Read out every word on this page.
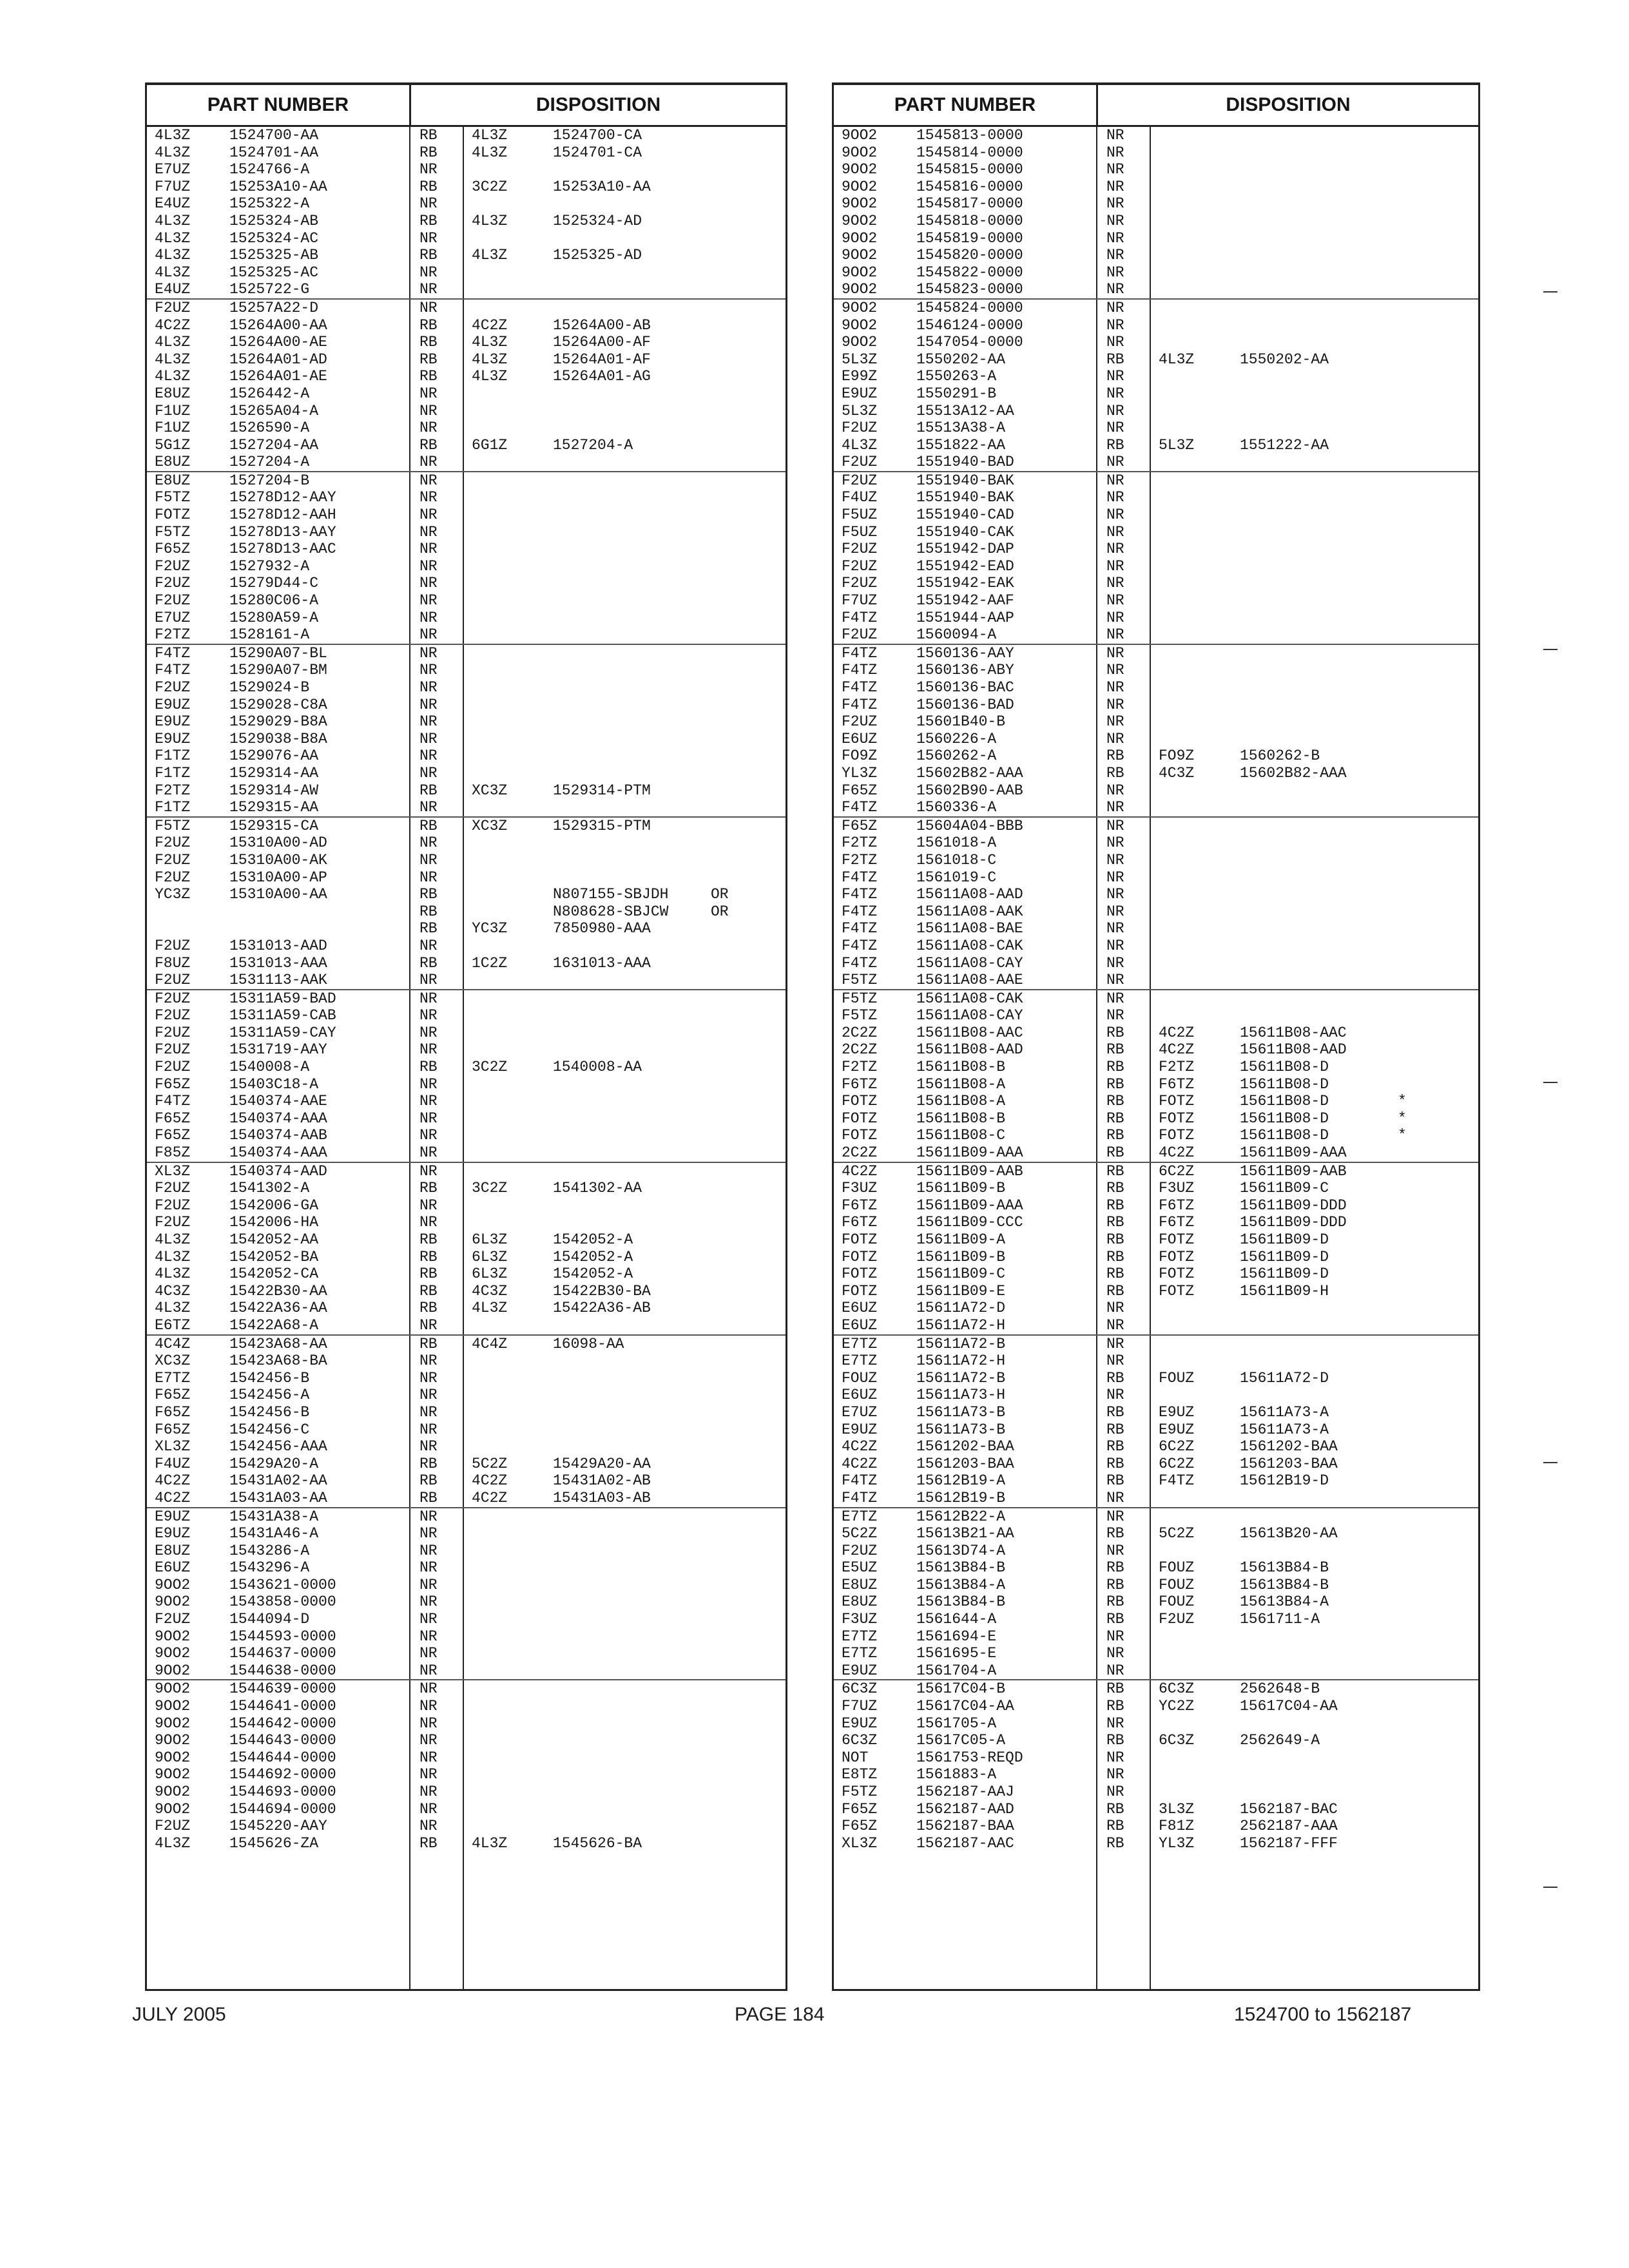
PART NUMBER	DISPOSITION
4L3Z	1524700-AA	RB 4L3Z	1524700-CA
4L3Z	1524701-AA	RB 4L3Z	1524701-CA
E7UZ	1524766-A	NR
F7UZ	15253A10-AA	RB 3C2Z	15253A10-AA
E4UZ	1525322-A	NR
4L3Z	1525324-AB	RB 4L3Z	1525324-AD
4L3Z	1525324-AC	NR
4L3Z	1525325-AB	RB 4L3Z	1525325-AD
4L3Z	1525325-AC	NR
E4UZ	1525722-G	NR
F2UZ	15257A22-D	NR
4C2Z	15264A00-AA	RB 4C2Z	15264A00-AB
4L3Z	15264A00-AE	RB 4L3Z	15264A00-AF
4L3Z	15264A01-AD	RB 4L3Z	15264A01-AF
4L3Z	15264A01-AE	RB 4L3Z	15264A01-AG
E8UZ	1526442-A	NR
F1UZ	15265A04-A	NR
F1UZ	1526590-A	NR
5G1Z	1527204-AA	RB 6G1Z	1527204-A
E8UZ	1527204-A	NR
E8UZ	1527204-B	NR
F5TZ	15278D12-AAY	NR
FOTZ	15278D12-AAH	NR
F5TZ	15278D13-AAY	NR
F65Z	15278D13-AAC	NR
F2UZ	1527932-A	NR
F2UZ	15279D44-C	NR
F2UZ	15280C06-A	NR
E7UZ	15280A59-A	NR
F2TZ	1528161-A	NR
F4TZ	15290A07-BL	NR
F4TZ	15290A07-BM	NR
F2UZ	1529024-B	NR
E9UZ	1529028-C8A	NR
E9UZ	1529029-B8A	NR
E9UZ	1529038-B8A	NR
F1TZ	1529076-AA	NR
F1TZ	1529314-AA	NR
F2TZ	1529314-AW	RB XC3Z	1529314-PTM
F1TZ	1529315-AA	NR
F5TZ	1529315-CA	RB XC3Z	1529315-PTM
F2UZ	15310A00-AD	NR
F2UZ	15310A00-AK	NR
F2UZ	15310A00-AP	NR
YC3Z	15310A00-AA	RB	N807155-SBJDH	OR
RB	N808628-SBJCW	OR
RB YC3Z	7850980-AAA
F2UZ	1531013-AAD	NR
F8UZ	1531013-AAA	RB 1C2Z	1631013-AAA
F2UZ	1531113-AAK	NR
F2UZ	15311A59-BAD	NR
F2UZ	15311A59-CAB	NR
F2UZ	15311A59-CAY	NR
F2UZ	1531719-AAY	NR
F2UZ	1540008-A	RB 3C2Z	1540008-AA
F65Z	15403C18-A	NR
F4TZ	1540374-AAE	NR
F65Z	1540374-AAA	NR
F65Z	1540374-AAB	NR
F85Z	1540374-AAA	NR
XL3Z	1540374-AAD	NR
F2UZ	1541302-A	RB 3C2Z	1541302-AA
F2UZ	1542006-GA	NR
F2UZ	1542006-HA	NR
4L3Z	1542052-AA	RB 6L3Z	1542052-A
4L3Z	1542052-BA	RB 6L3Z	1542052-A
4L3Z	1542052-CA	RB 6L3Z	1542052-A
4C3Z	15422B30-AA	RB 4C3Z	15422B30-BA
4L3Z	15422A36-AA	RB 4L3Z	15422A36-AB
E6TZ	15422A68-A	NR
4C4Z	15423A68-AA	RB 4C4Z	16098-AA
XC3Z	15423A68-BA	NR
E7TZ	1542456-B	NR
F65Z	1542456-A	NR
F65Z	1542456-B	NR
F65Z	1542456-C	NR
XL3Z	1542456-AAA	NR
F4UZ	15429A20-A	RB 5C2Z	15429A20-AA
4C2Z	15431A02-AA	RB 4C2Z	15431A02-AB
4C2Z	15431A03-AA	RB 4C2Z	15431A03-AB
E9UZ	15431A38-A	NR
E9UZ	15431A46-A	NR
E8UZ	1543286-A	NR
E6UZ	1543296-A	NR
9OO2	1543621-0000	NR
9OO2	1543858-0000	NR
F2UZ	1544094-D	NR
9OO2	1544593-0000	NR
9OO2	1544637-0000	NR
9OO2	1544638-0000	NR
9OO2	1544639-0000	NR
9OO2	1544641-0000	NR
9OO2	1544642-0000	NR
9OO2	1544643-0000	NR
9OO2	1544644-0000	NR
9OO2	1544692-0000	NR
9OO2	1544693-0000	NR
9OO2	1544694-0000	NR
F2UZ	1545220-AAY	NR
4L3Z	1545626-ZA	RB 4L3Z	1545626-BA
PART NUMBER	DISPOSITION
9OO2	1545813-0000	NR
9OO2	1545814-0000	NR
9OO2	1545815-0000	NR
9OO2	1545816-0000	NR
9OO2	1545817-0000	NR
9OO2	1545818-0000	NR
9OO2	1545819-0000	NR
9OO2	1545820-0000	NR
9OO2	1545822-0000	NR
9OO2	1545823-0000	NR
9OO2	1545824-0000	NR
9OO2	1546124-0000	NR
9OO2	1547054-0000	NR
5L3Z	1550202-AA	RB 4L3Z	1550202-AA
E99Z	1550263-A	NR
E9UZ	1550291-B	NR
5L3Z	15513A12-AA	NR
F2UZ	15513A38-A	NR
4L3Z	1551822-AA	RB 5L3Z	1551222-AA
F2UZ	1551940-BAD	NR
F2UZ	1551940-BAK	NR
F4UZ	1551940-BAK	NR
F5UZ	1551940-CAD	NR
F5UZ	1551940-CAK	NR
F2UZ	1551942-DAP	NR
F2UZ	1551942-EAD	NR
F2UZ	1551942-EAK	NR
F7UZ	1551942-AAF	NR
F4TZ	1551944-AAP	NR
F2UZ	1560094-A	NR
F4TZ	1560136-AAY	NR
F4TZ	1560136-ABY	NR
F4TZ	1560136-BAC	NR
F4TZ	1560136-BAD	NR
F2UZ	15601B40-B	NR
E6UZ	1560226-A	NR
FO9Z	1560262-A	RB FO9Z	1560262-B
YL3Z	15602B82-AAA	RB 4C3Z	15602B82-AAA
F65Z	15602B90-AAB	NR
F4TZ	1560336-A	NR
F65Z	15604A04-BBB	NR
F2TZ	1561018-A	NR
F2TZ	1561018-C	NR
F4TZ	1561019-C	NR
F4TZ	15611A08-AAD	NR
F4TZ	15611A08-AAK	NR
F4TZ	15611A08-BAE	NR
F4TZ	15611A08-CAK	NR
F4TZ	15611A08-CAY	NR
F5TZ	15611A08-AAE	NR
F5TZ	15611A08-CAK	NR
F5TZ	15611A08-CAY	NR
2C2Z	15611B08-AAC	RB 4C2Z	15611B08-AAC
2C2Z	15611B08-AAD	RB 4C2Z	15611B08-AAD
F2TZ	15611B08-B	RB F2TZ	15611B08-D
F6TZ	15611B08-A	RB F6TZ	15611B08-D
FOTZ	15611B08-A	RB FOTZ	15611B08-D	*
FOTZ	15611B08-B	RB FOTZ	15611B08-D	*
FOTZ	15611B08-C	RB FOTZ	15611B08-D	*
2C2Z	15611B09-AAA	RB 4C2Z	15611B09-AAA
4C2Z	15611B09-AAB	RB 6C2Z	15611B09-AAB
F3UZ	15611B09-B	RB F3UZ	15611B09-C
F6TZ	15611B09-AAA	RB F6TZ	15611B09-DDD
F6TZ	15611B09-CCC	RB F6TZ	15611B09-DDD
FOTZ	15611B09-A	RB FOTZ	15611B09-D
FOTZ	15611B09-B	RB FOTZ	15611B09-D
FOTZ	15611B09-C	RB FOTZ	15611B09-D
FOTZ	15611B09-E	RB FOTZ	15611B09-H
E6UZ	15611A72-D	NR
E6UZ	15611A72-H	NR
E7TZ	15611A72-B	NR
E7TZ	15611A72-H	NR
FOUZ	15611A72-B	RB FOUZ	15611A72-D
E6UZ	15611A73-H	NR
E7UZ	15611A73-B	RB E9UZ	15611A73-A
E9UZ	15611A73-B	RB E9UZ	15611A73-A
4C2Z	1561202-BAA	RB 6C2Z	1561202-BAA
4C2Z	1561203-BAA	RB 6C2Z	1561203-BAA
F4TZ	15612B19-A	RB F4TZ	15612B19-D
F4TZ	15612B19-B	NR
E7TZ	15612B22-A	NR
5C2Z	15613B21-AA	RB 5C2Z	15613B20-AA
F2UZ	15613D74-A	NR
E5UZ	15613B84-B	RB FOUZ	15613B84-B
E8UZ	15613B84-A	RB FOUZ	15613B84-B
E8UZ	15613B84-B	RB FOUZ	15613B84-A
F3UZ	1561644-A	RB F2UZ	1561711-A
E7TZ	1561694-E	NR
E7TZ	1561695-E	NR
E9UZ	1561704-A	NR
6C3Z	15617C04-B	RB 6C3Z	2562648-B
F7UZ	15617C04-AA	RB YC2Z	15617C04-AA
E9UZ	1561705-A	NR
6C3Z	15617C05-A	RB 6C3Z	2562649-A
NOT	1561753-REQD	NR
E8TZ	1561883-A	NR
F5TZ	1562187-AAJ	NR
F65Z	1562187-AAD	RB 3L3Z	1562187-BAC
F65Z	1562187-BAA	RB F81Z	2562187-AAA
XL3Z	1562187-AAC	RB YL3Z	1562187-FFF
JULY 2005	PAGE 184	1524700 to 1562187
